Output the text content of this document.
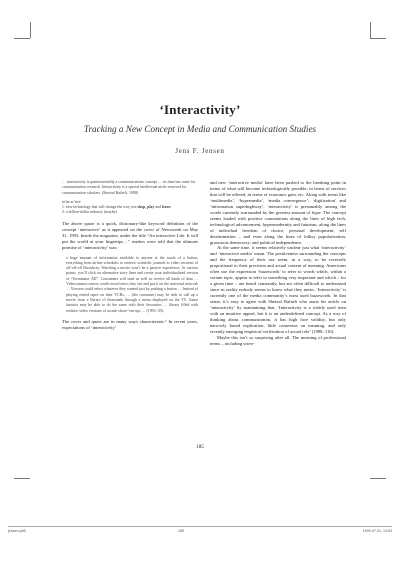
‘Interactivity’
Tracking a New Concept in Media and Communication Studies
Jens F. Jensen
… interactivity is quintessentially a communications concept … its time has come for communication research. Interactivity is a special intellectual niche reserved for communication scholars. (Sheizaf Rafaeli, 1988)
in'ter.ac'tive
1. new technology that will change the way you shop, play and learn
2. a billion-dollar industry (maybe)

The above quote is a quick, dictionary-like keyword definition of the concept ‘interactive’ as it appeared on the cover of Newsweek on May 31, 1993. Inside the magazine, under the title “An interactive Life. It will put the world at your fingertips…” readers were told that the ultimate promise of ‘interactivity’ was:

a huge amount of information available to anyone at the touch of a button, everything from airline schedules to esoteric scientific journals to video versions of off-off-off Broadway. Watching a movie won’t be a passive experience. At various points, you’ll click on alternative story lines and create your individualized version of “Terminator XII”. Consumers will send as well as receive all kinds of data … Videocamera owners could record news they see and put it on the universal network … Viewers could select whatever they wanted just by pushing a button … Instead of playing rented tapes on their VCRs, … (the consumer) may be able to call up a movie from a library of thousands through a menu displayed on the TV. Game fanatics may be able to do the same with their favourites … library filled with realistic video versions of arcade shoot-‘em-ups … (1993: 39).

The cover and quote are in many ways characteristic.¹ In recent years, expectations of ‘interactivity’

and new ‘interactive media’ have been pushed to the breaking point in terms of what will become technologically possible, in terms of services that will be offered, in terms of economic gain, etc. Along with terms like ‘multimedia’, ‘hypermedia’, ‘media convergence’, ‘digitization’ and ‘information superhighway’, ‘interactivity’ is presumably among the words currently surrounded by the greatest amount of hype. The concept seems loaded with positive connotations along the lines of high tech, technological advancement, hypermodernity and futurism, along the lines of individual freedom of choice, personal development, self determination – and even along the lines of folksy popularization, grassroots democracy, and political independence.

At the same time, it seems relatively unclear just what ‘interactivity’ and ‘interactive media’ mean. The positiveness surrounding the concepts and the frequency of their use seem, in a way, to be reversely proportional to their precision and actual content of meaning. Americans often use the expression ‘buzzwords’ to refer to words which, within a certain topic, appear to refer to something very important and which – for a given time – are heard constantly, but are often difficult to understand since in reality nobody seems to know what they mean. ‘Interactivity’ is currently one of the media community’s most used buzzwords. In that sense, it’s easy to agree with Sheizaf Rafaeli who starts his article on ‘interactivity’ by maintaining that, ‘Interactivity is a widely used term with an intuitive appeal, but it is an underdefined concept. As a way of thinking about communication, it has high face validity, but only narrowly based explication, little consensus on meaning, and only recently emerging empirical verification of actual role’ (1988: 110).

Maybe this isn’t so surprising after all. The meaning of professional terms – including scien-

185
jensen.p65	185	1999-07-01, 13:53
